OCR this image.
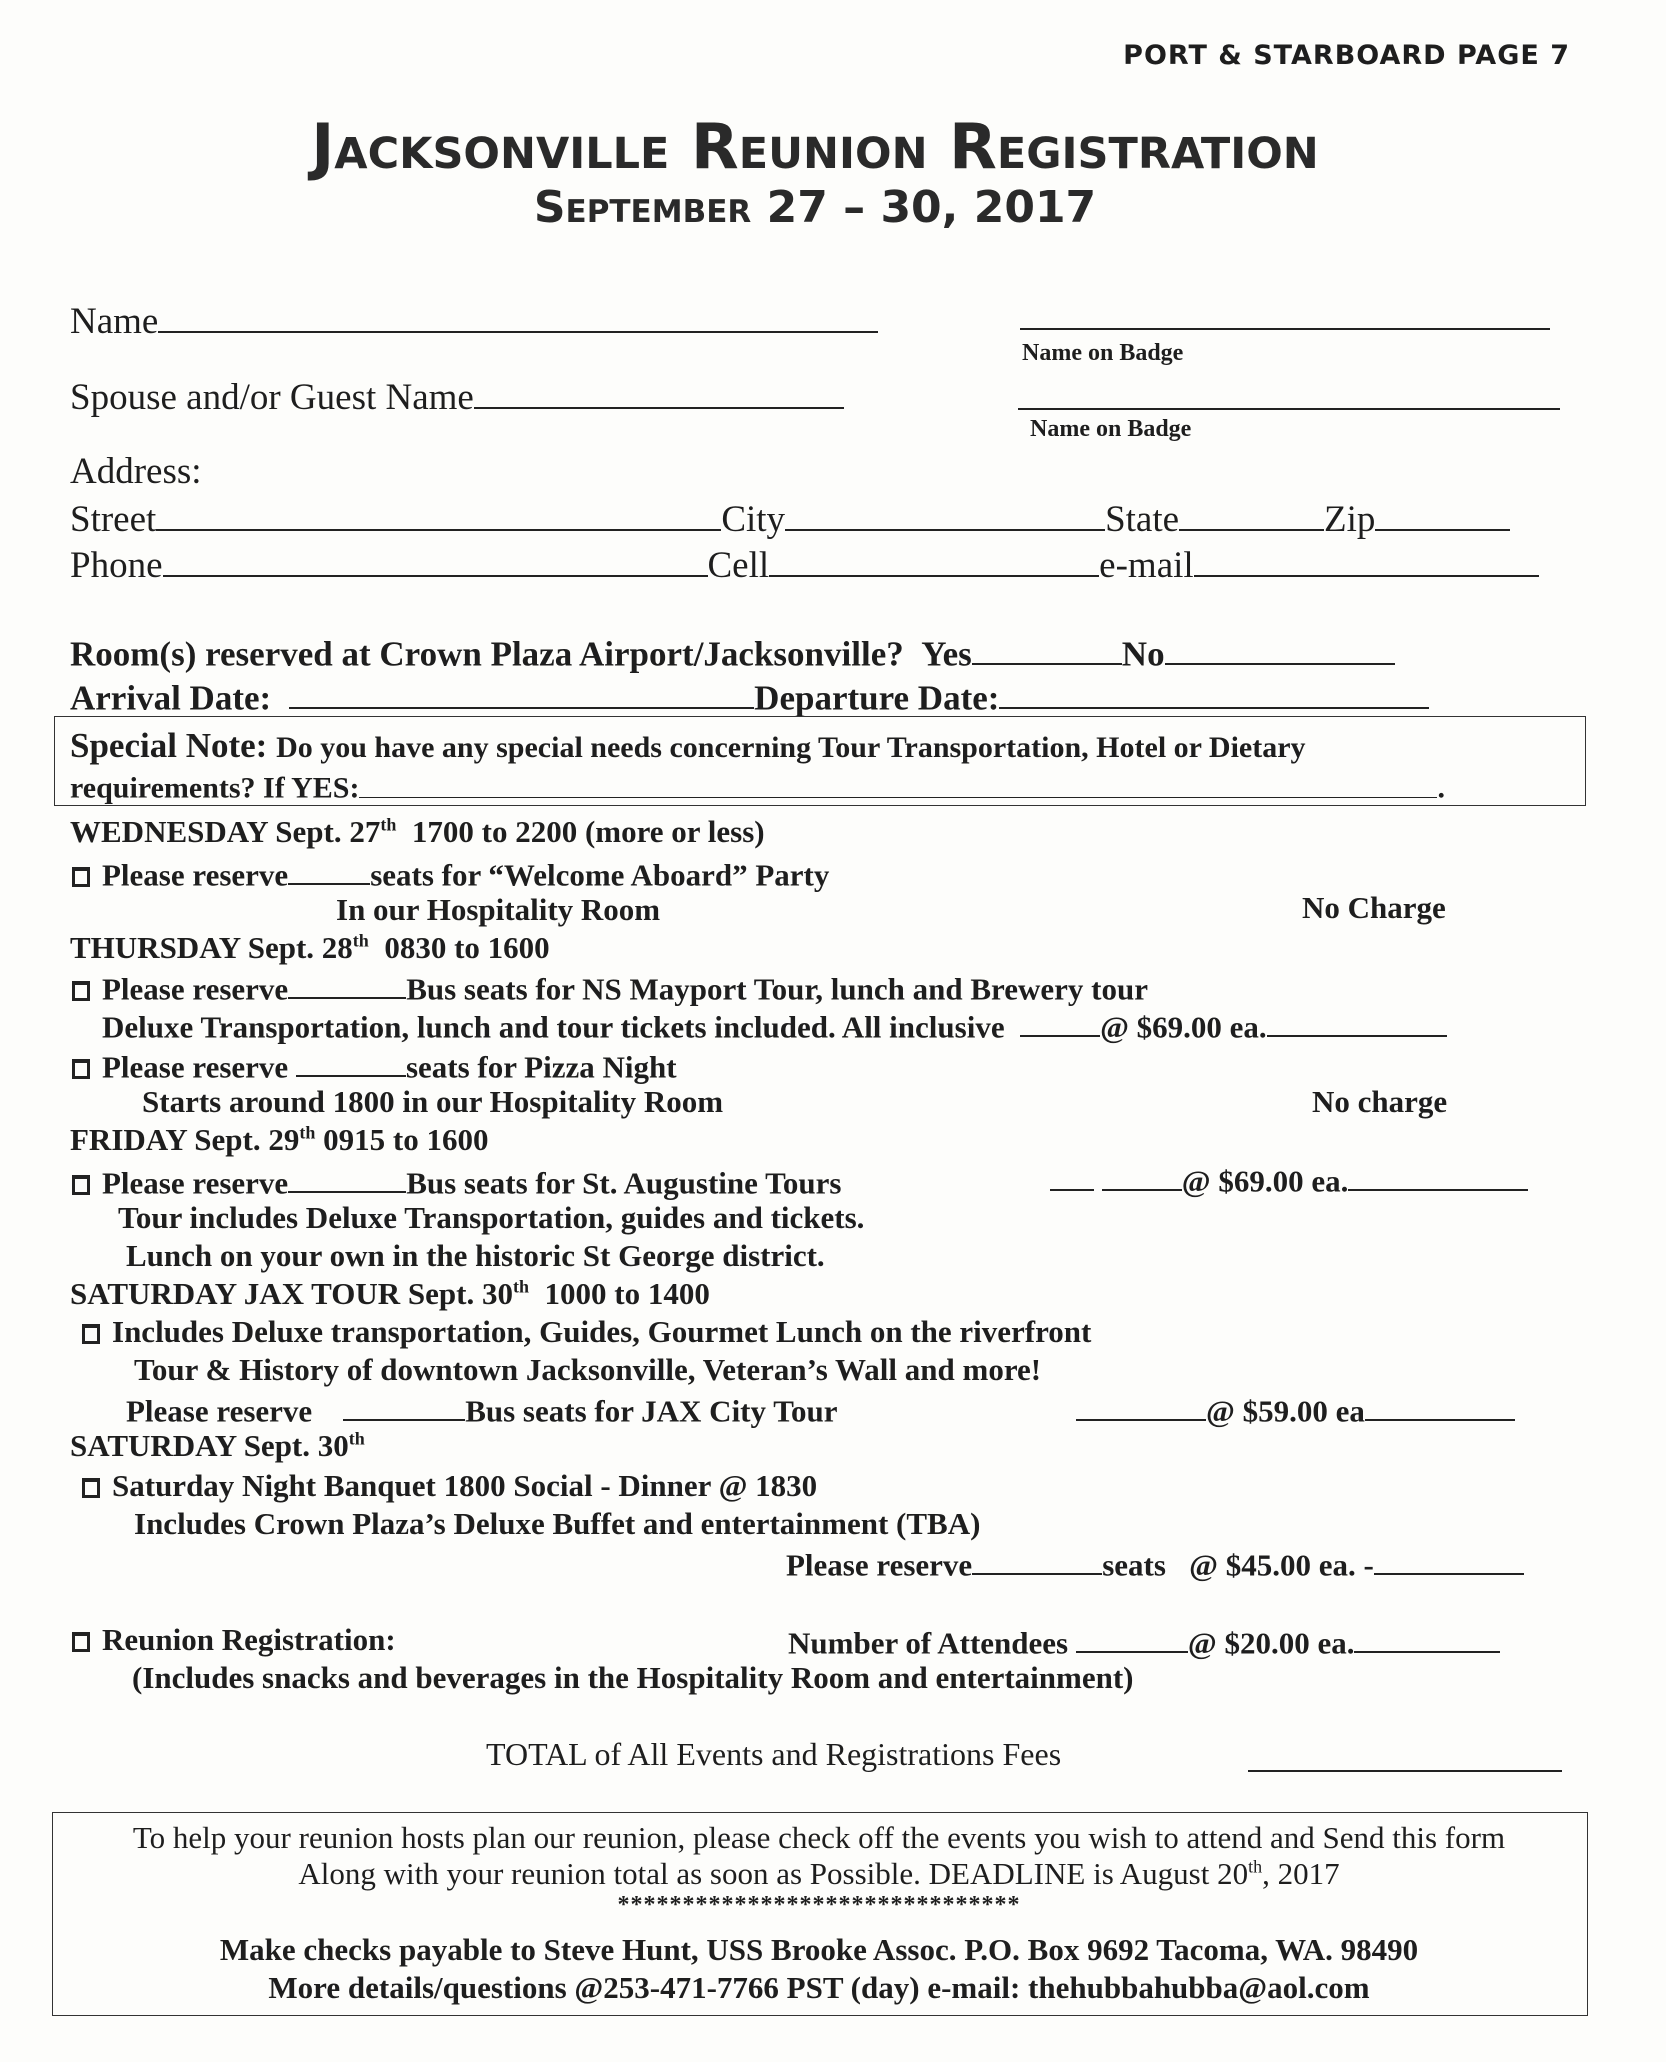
PORT & STARBOARD PAGE 7
Jacksonville Reunion Registration
September 27 – 30, 2017
Name
Name on Badge
Spouse and/or Guest Name
Name on Badge
Address:
Street	City	State	Zip
Phone	Cell	e-mail
Room(s) reserved at Crown Plaza Airport/Jacksonville? Yes	No
Arrival Date:	Departure Date:
Special Note: Do you have any special needs concerning Tour Transportation, Hotel or Dietary
requirements? If YES:	.
WEDNESDAY Sept. 27th 1700 to 2200 (more or less)
Please reserve	seats for “Welcome Aboard” Party
In our Hospitality Room	No Charge
THURSDAY Sept. 28th 0830 to 1600
Please reserve	Bus seats for NS Mayport Tour, lunch and Brewery tour
Deluxe Transportation, lunch and tour tickets included. All inclusive	@ $69.00 ea.
Please reserve	seats for Pizza Night
Starts around 1800 in our Hospitality Room	No charge
FRIDAY Sept. 29th 0915 to 1600
Please reserve	Bus seats for St. Augustine Tours	@ $69.00 ea.
Tour includes Deluxe Transportation, guides and tickets.
Lunch on your own in the historic St George district.
SATURDAY JAX TOUR Sept. 30th 1000 to 1400
Includes Deluxe transportation, Guides, Gourmet Lunch on the riverfront
Tour & History of downtown Jacksonville, Veteran’s Wall and more!
Please reserve	Bus seats for JAX City Tour	@ $59.00 ea
SATURDAY Sept. 30th
Saturday Night Banquet 1800 Social - Dinner @ 1830
Includes Crown Plaza’s Deluxe Buffet and entertainment (TBA)
Please reserve	seats @ $45.00 ea. -
Reunion Registration:	Number of Attendees	@ $20.00 ea.
(Includes snacks and beverages in the Hospitality Room and entertainment)
TOTAL of All Events and Registrations Fees
To help your reunion hosts plan our reunion, please check off the events you wish to attend and Send this form
Along with your reunion total as soon as Possible. DEADLINE is August 20th, 2017
*******************************
Make checks payable to Steve Hunt, USS Brooke Assoc. P.O. Box 9692 Tacoma, WA. 98490
More details/questions @253-471-7766 PST (day) e-mail: thehubbahubba@aol.com
